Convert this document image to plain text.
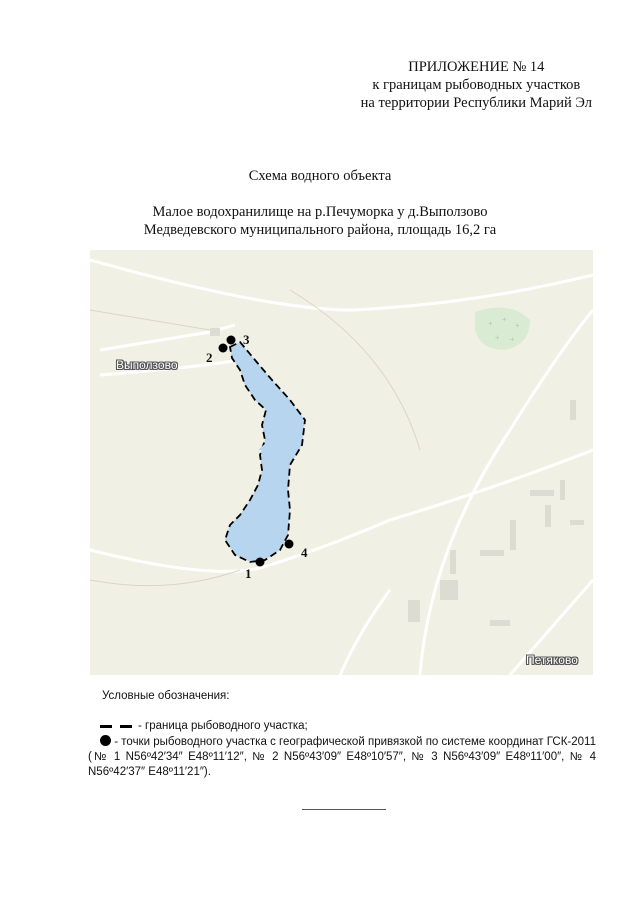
ПРИЛОЖЕНИЕ № 14
к границам рыбоводных участков
на территории Республики Марий Эл
Схема водного объекта
Малое водохранилище на р.Печуморка у д.Выползово
Медведевского муниципального района, площадь 16,2 га
+ +
+
+ +
Выползово
Петяково
1
2
3
4
Условные обозначения:
- граница рыбоводного участка;
- точки рыбоводного участка с географической привязкой по системе координат ГСК-2011 (№ 1 N56º42′34″ E48º11′12″, № 2 N56º43′09″ E48º10′57″, № 3 N56º43′09″ E48º11′00″, № 4 N56º42′37″ E48º11′21″).
